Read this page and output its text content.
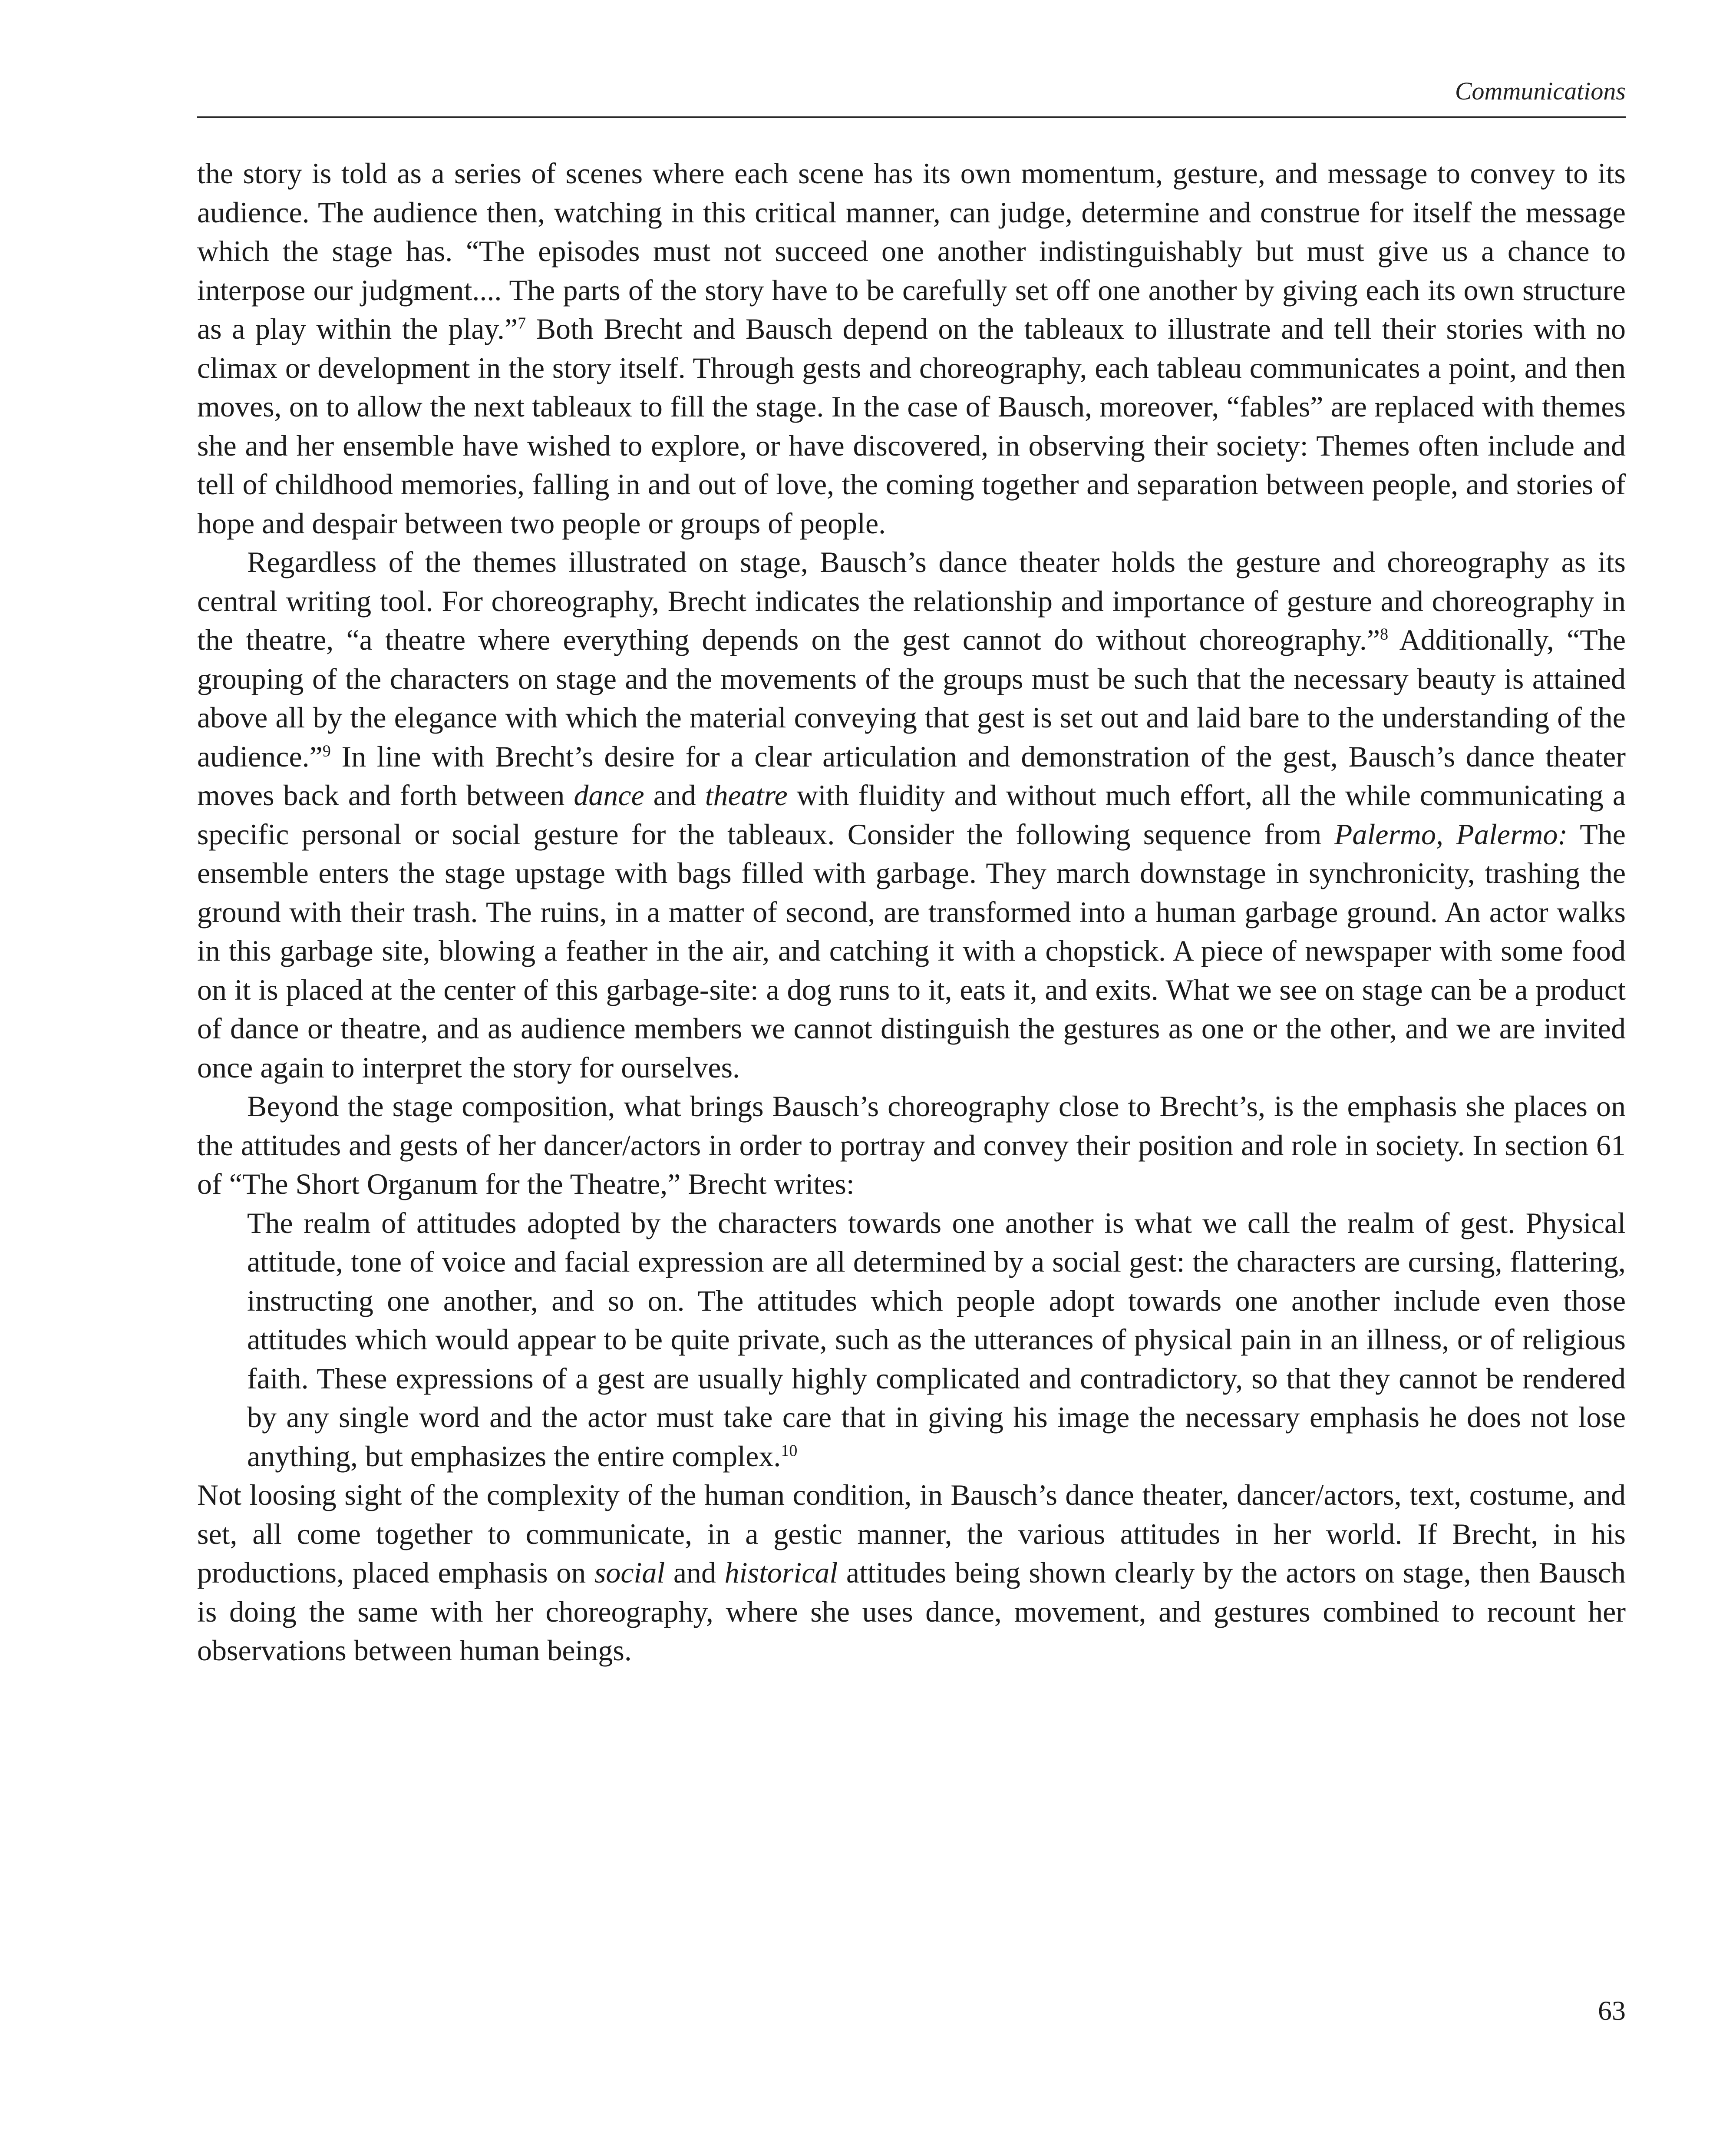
Communications

the story is told as a series of scenes where each scene has its own momentum, gesture, and message to convey to its audience. The audience then, watching in this critical manner, can judge, determine and construe for itself the message which the stage has. “The episodes must not succeed one another indistinguishably but must give us a chance to interpose our judgment.... The parts of the story have to be carefully set off one another by giving each its own structure as a play within the play.”$^7$ Both Brecht and Bausch depend on the tableaux to illustrate and tell their stories with no climax or development in the story itself. Through gests and choreography, each tableau communicates a point, and then moves, on to allow the next tableaux to fill the stage. In the case of Bausch, moreover, “fables” are replaced with themes she and her ensemble have wished to explore, or have discovered, in observing their society: Themes often include and tell of childhood memories, falling in and out of love, the coming together and separation between people, and stories of hope and despair between two people or groups of people.

Regardless of the themes illustrated on stage, Bausch’s dance theater holds the gesture and choreography as its central writing tool. For choreography, Brecht indicates the relationship and importance of gesture and choreography in the theatre, “a theatre where everything depends on the gest cannot do without choreography.”$^8$ Additionally, “The grouping of the characters on stage and the movements of the groups must be such that the necessary beauty is attained above all by the elegance with which the material conveying that gest is set out and laid bare to the understanding of the audience.”$^9$ In line with Brecht’s desire for a clear articulation and demonstration of the gest, Bausch’s dance theater moves back and forth between dance and theatre with fluidity and without much effort, all the while communicating a specific personal or social gesture for the tableaux. Consider the following sequence from Palermo, Palermo: The ensemble enters the stage upstage with bags filled with garbage. They march downstage in synchronicity, trashing the ground with their trash. The ruins, in a matter of second, are transformed into a human garbage ground. An actor walks in this garbage site, blowing a feather in the air, and catching it with a chopstick. A piece of newspaper with some food on it is placed at the center of this garbage-site: a dog runs to it, eats it, and exits. What we see on stage can be a product of dance or theatre, and as audience members we cannot distinguish the gestures as one or the other, and we are invited once again to interpret the story for ourselves.

Beyond the stage composition, what brings Bausch’s choreography close to Brecht’s, is the emphasis she places on the attitudes and gests of her dancer/actors in order to portray and convey their position and role in society. In section 61 of “The Short Organum for the Theatre,” Brecht writes:

The realm of attitudes adopted by the characters towards one another is what we call the realm of gest. Physical attitude, tone of voice and facial expression are all determined by a social gest: the characters are cursing, flattering, instructing one another, and so on. The attitudes which people adopt towards one another include even those attitudes which would appear to be quite private, such as the utterances of physical pain in an illness, or of religious faith. These expressions of a gest are usually highly complicated and contradictory, so that they cannot be rendered by any single word and the actor must take care that in giving his image the necessary emphasis he does not lose anything, but emphasizes the entire complex.$^{10}$

Not loosing sight of the complexity of the human condition, in Bausch’s dance theater, dancer/actors, text, costume, and set, all come together to communicate, in a gestic manner, the various attitudes in her world. If Brecht, in his productions, placed emphasis on social and historical attitudes being shown clearly by the actors on stage, then Bausch is doing the same with her choreography, where she uses dance, movement, and gestures combined to recount her observations between human beings.

63
